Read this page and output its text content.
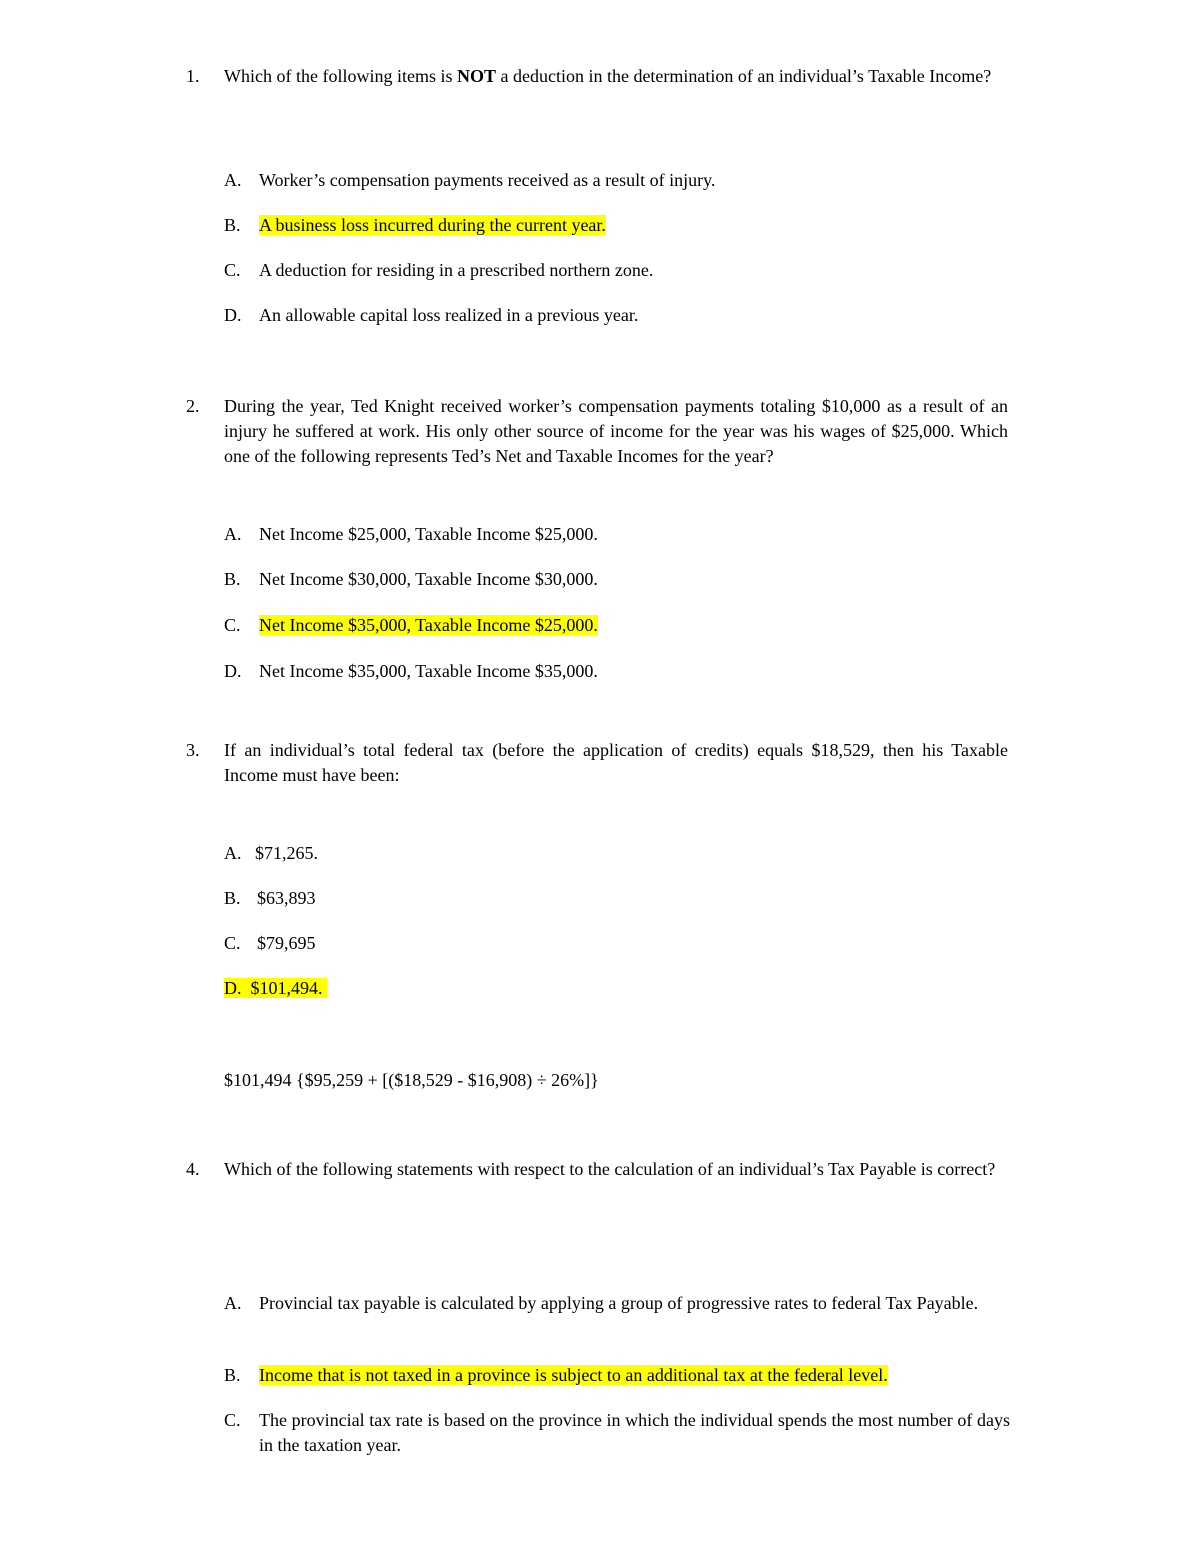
1. Which of the following items is NOT a deduction in the determination of an individual’s Taxable Income?
A. Worker’s compensation payments received as a result of injury.
B. A business loss incurred during the current year.
C. A deduction for residing in a prescribed northern zone.
D. An allowable capital loss realized in a previous year.
2. During the year, Ted Knight received worker’s compensation payments totaling $10,000 as a result of an injury he suffered at work. His only other source of income for the year was his wages of $25,000. Which one of the following represents Ted’s Net and Taxable Incomes for the year?
A. Net Income $25,000, Taxable Income $25,000.
B. Net Income $30,000, Taxable Income $30,000.
C. Net Income $35,000, Taxable Income $25,000.
D. Net Income $35,000, Taxable Income $35,000.
3. If an individual’s total federal tax (before the application of credits) equals $18,529, then his Taxable Income must have been:
A. $71,265.
B. $63,893
C. $79,695
D. $101,494.
$101,494 {$95,259 + [($18,529 - $16,908) ÷ 26%]}
4. Which of the following statements with respect to the calculation of an individual’s Tax Payable is correct?
A. Provincial tax payable is calculated by applying a group of progressive rates to federal Tax Payable.
B. Income that is not taxed in a province is subject to an additional tax at the federal level.
C. The provincial tax rate is based on the province in which the individual spends the most number of days in the taxation year.
